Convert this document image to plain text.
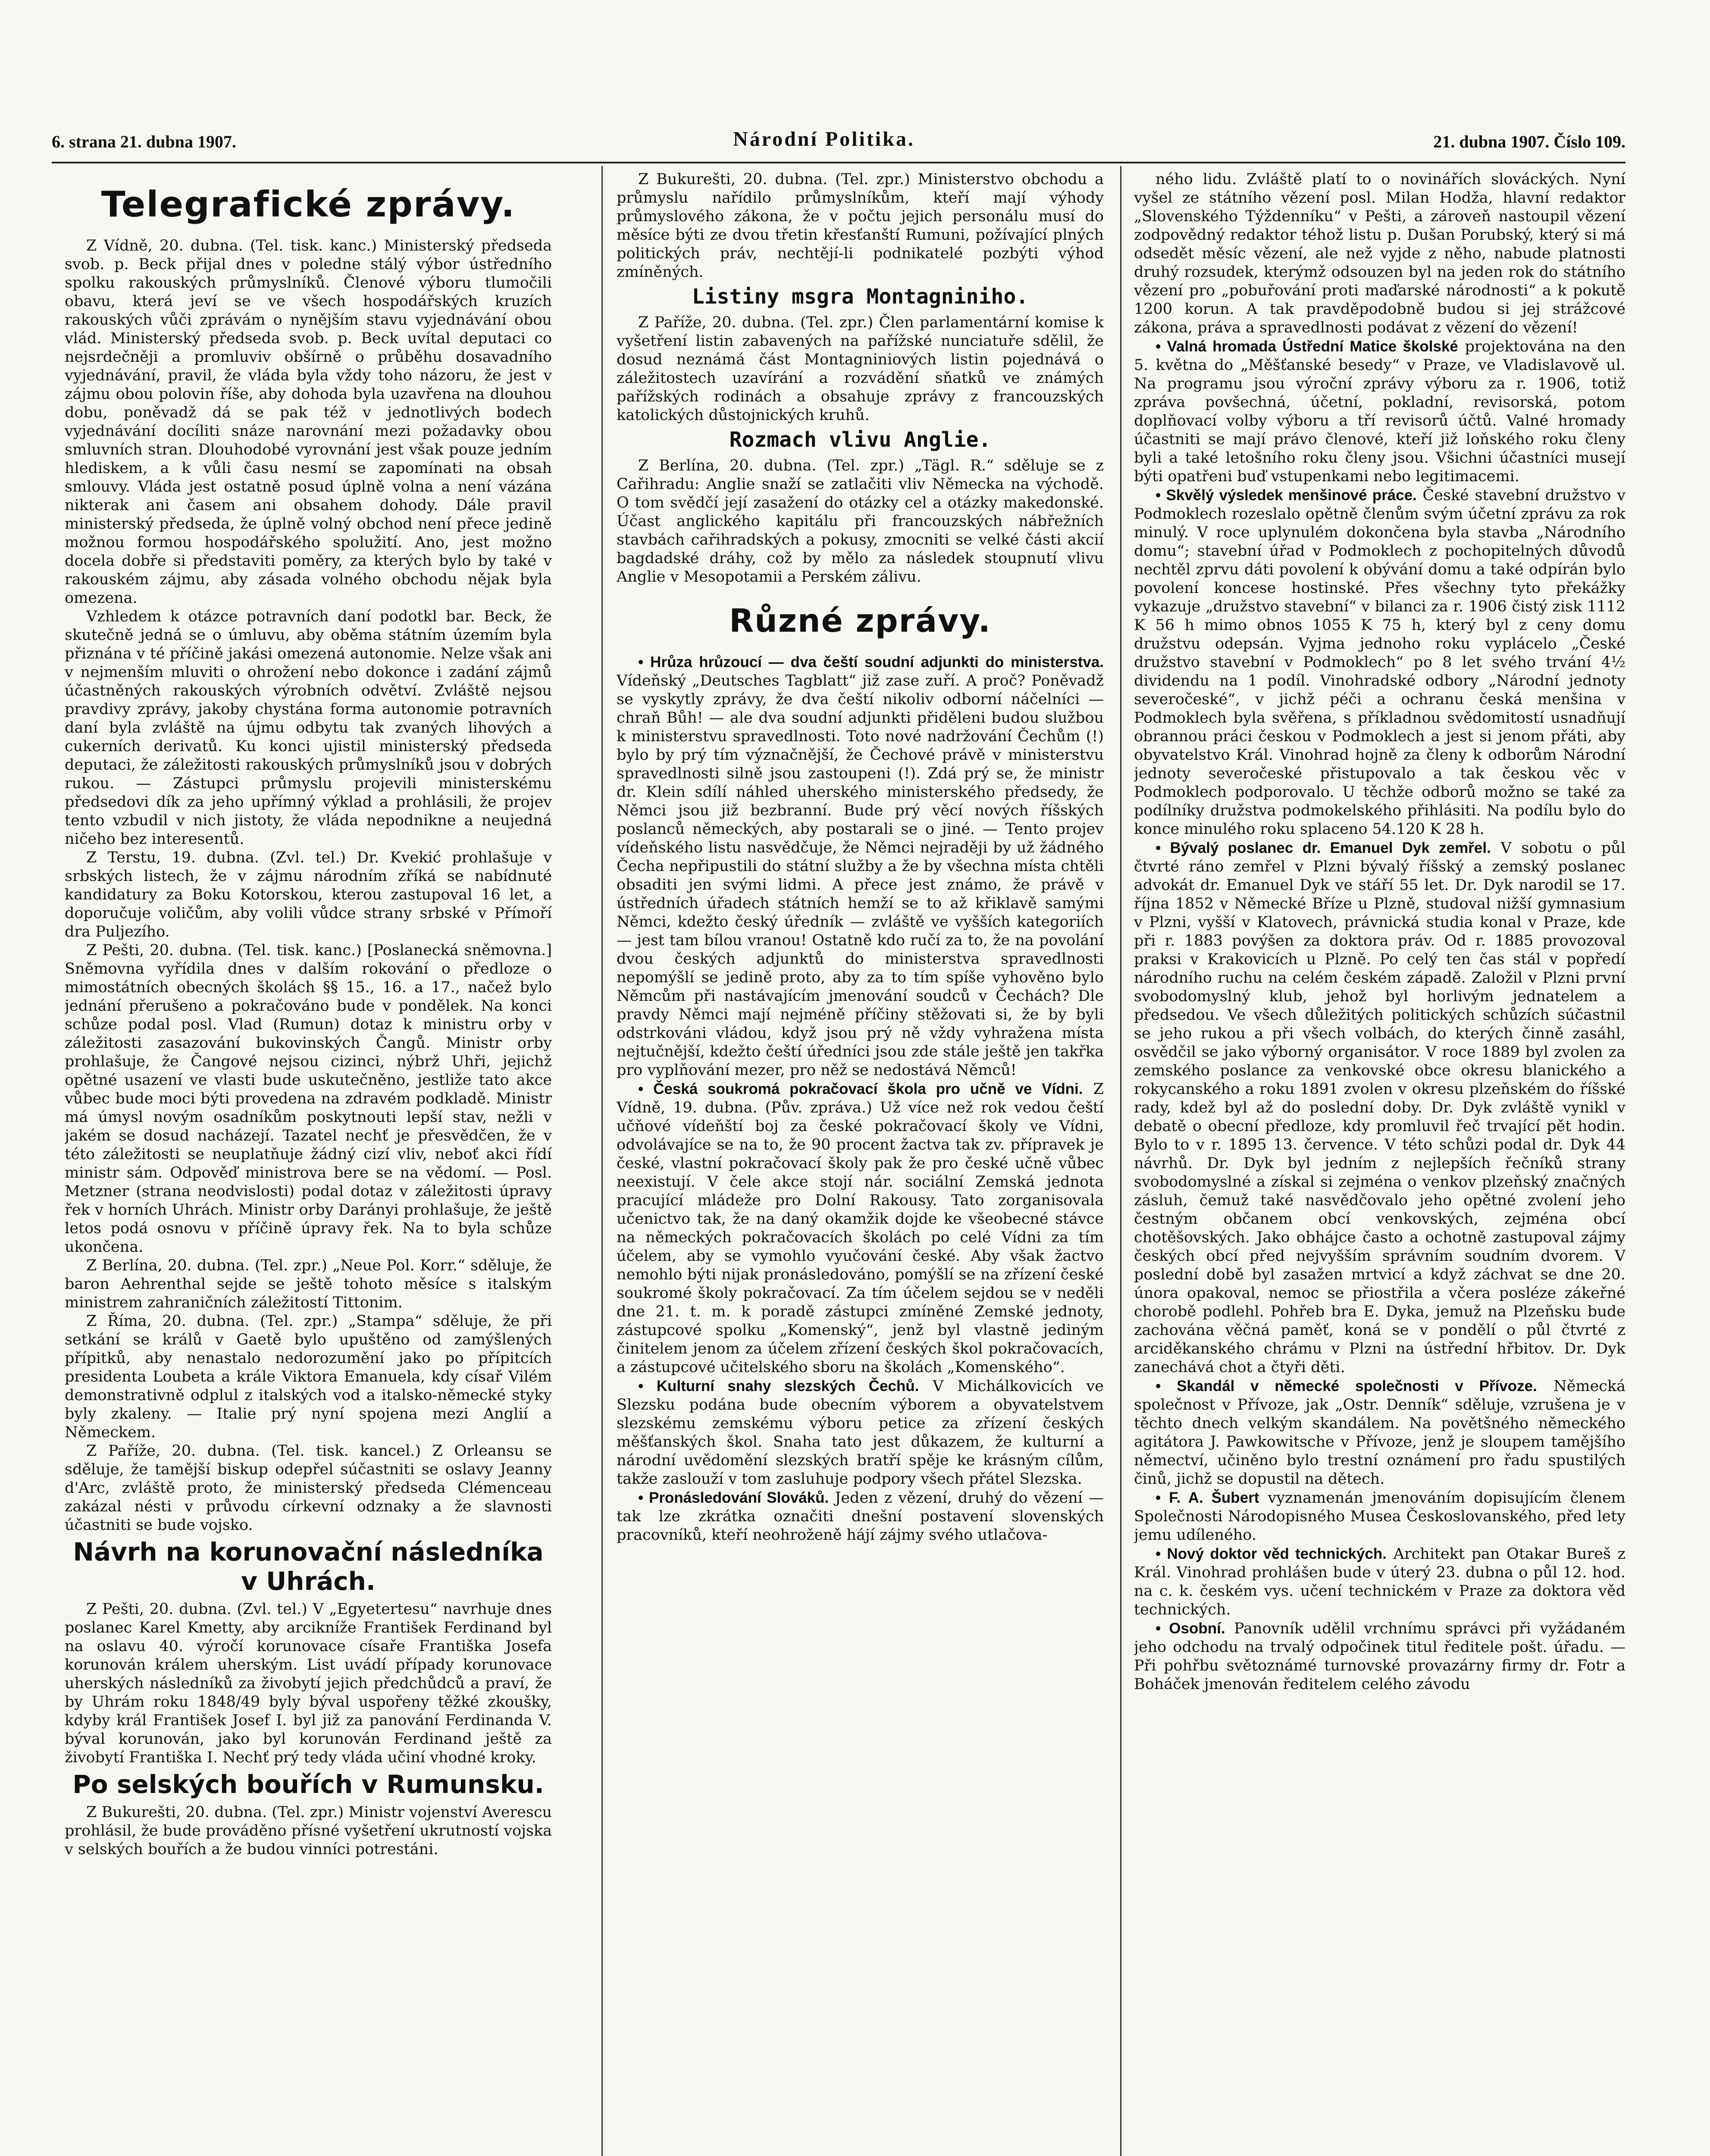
6. strana 21. dubna 1907.	Národní Politika.	21. dubna 1907. Číslo 109.
Telegrafické zprávy.

Z Vídně, 20. dubna. (Tel. tisk. kanc.) Ministerský předseda svob. p. Beck přijal dnes v poledne stálý výbor ústředního spolku rakouských průmyslníků. Členové výboru tlumočili obavu, která jeví se ve všech hospodářských kruzích rakouských vůči zprávám o nynějším stavu vyjednávání obou vlád. Ministerský předseda svob. p. Beck uvítal deputaci co nejsrdečněji a promluviv obšírně o průběhu dosavadního vyjednávání, pravil, že vláda byla vždy toho názoru, že jest v zájmu obou polovin říše, aby dohoda byla uzavřena na dlouhou dobu, poněvadž dá se pak též v jednotlivých bodech vyjednávání docíliti snáze narovnání mezi požadavky obou smluvních stran. Dlouhodobé vyrovnání jest však pouze jedním hlediskem, a k vůli času nesmí se zapomínati na obsah smlouvy. Vláda jest ostatně posud úplně volna a není vázána nikterak ani časem ani obsahem dohody. Dále pravil ministerský předseda, že úplně volný obchod není přece jedině možnou formou hospodářského spolužití. Ano, jest možno docela dobře si představiti poměry, za kterých bylo by také v rakouském zájmu, aby zásada volného obchodu nějak byla omezena.

Vzhledem k otázce potravních daní podotkl bar. Beck, že skutečně jedná se o úmluvu, aby oběma státním územím byla přiznána v té příčině jakási omezená autonomie. Nelze však ani v nejmenším mluviti o ohrožení nebo dokonce i zadání zájmů účastněných rakouských výrobních odvětví. Zvláště nejsou pravdivy zprávy, jakoby chystána forma autonomie potravních daní byla zvláště na újmu odbytu tak zvaných lihových a cukerních derivatů. Ku konci ujistil ministerský předseda deputaci, že záležitosti rakouských průmyslníků jsou v dobrých rukou. — Zástupci průmyslu projevili ministerskému předsedovi dík za jeho upřímný výklad a prohlásili, že projev tento vzbudil v nich jistoty, že vláda nepodnikne a neujedná ničeho bez interesentů.

Z Terstu, 19. dubna. (Zvl. tel.) Dr. Kvekić prohlašuje v srbských listech, že v zájmu národním zříká se nabídnuté kandidatury za Boku Kotorskou, kterou zastupoval 16 let, a doporučuje voličům, aby volili vůdce strany srbské v Přímoří dra Puljezího.

Z Pešti, 20. dubna. (Tel. tisk. kanc.) [Poslanecká sněmovna.] Sněmovna vyřídila dnes v dalším rokování o předloze o mimostátních obecných školách §§ 15., 16. a 17., načež bylo jednání přerušeno a pokračováno bude v pondělek. Na konci schůze podal posl. Vlad (Rumun) dotaz k ministru orby v záležitosti zasazování bukovinských Čangů. Ministr orby prohlašuje, že Čangové nejsou cizinci, nýbrž Uhři, jejichž opětné usazení ve vlasti bude uskutečněno, jestliže tato akce vůbec bude moci býti provedena na zdravém podkladě. Ministr má úmysl novým osadníkům poskytnouti lepší stav, nežli v jakém se dosud nacházejí. Tazatel nechť je přesvědčen, že v této záležitosti se neuplatňuje žádný cizí vliv, neboť akci řídí ministr sám. Odpověď ministrova bere se na vědomí. — Posl. Metzner (strana neodvislosti) podal dotaz v záležitosti úpravy řek v horních Uhrách. Ministr orby Darányi prohlašuje, že ještě letos podá osnovu v příčině úpravy řek. Na to byla schůze ukončena.

Z Berlína, 20. dubna. (Tel. zpr.) „Neue Pol. Korr.“ sděluje, že baron Aehrenthal sejde se ještě tohoto měsíce s italským ministrem zahraničních záležitostí Tittonim.

Z Říma, 20. dubna. (Tel. zpr.) „Stampa“ sděluje, že při setkání se králů v Gaetě bylo upuštěno od zamýšlených přípitků, aby nenastalo nedorozumění jako po přípitcích presidenta Loubeta a krále Viktora Emanuela, kdy císař Vilém demonstrativně odplul z italských vod a italsko-německé styky byly zkaleny. — Italie prý nyní spojena mezi Anglií a Německem.

Z Paříže, 20. dubna. (Tel. tisk. kancel.) Z Orleansu se sděluje, že tamější biskup odepřel súčastniti se oslavy Jeanny d'Arc, zvláště proto, že ministerský předseda Clémenceau zakázal nésti v průvodu církevní odznaky a že slavnosti účastniti se bude vojsko.

Návrh na korunovační následníka v Uhrách.

Z Pešti, 20. dubna. (Zvl. tel.) V „Egyetertesu“ navrhuje dnes poslanec Karel Kmetty, aby arcikníže František Ferdinand byl na oslavu 40. výročí korunovace císaře Františka Josefa korunován králem uherským. List uvádí případy korunovace uherských následníků za živobytí jejich předchůdců a praví, že by Uhrám roku 1848/49 byly býval uspořeny těžké zkoušky, kdyby král František Josef I. byl již za panování Ferdinanda V. býval korunován, jako byl korunován Ferdinand ještě za živobytí Františka I. Nechť prý tedy vláda učiní vhodné kroky.

Po selských bouřích v Rumunsku.

Z Bukurešti, 20. dubna. (Tel. zpr.) Ministr vojenství Averescu prohlásil, že bude prováděno přísné vyšetření ukrutností vojska v selských bouřích a že budou vinníci potrestáni.

Z Bukurešti, 20. dubna. (Tel. zpr.) Ministerstvo obchodu a průmyslu nařídilo průmyslníkům, kteří mají výhody průmyslového zákona, že v počtu jejich personálu musí do měsíce býti ze dvou třetin křesťanští Rumuni, požívající plných politických práv, nechtějí-li podnikatelé pozbýti výhod zmíněných.

Listiny msgra Montagniniho.

Z Paříže, 20. dubna. (Tel. zpr.) Člen parlamentární komise k vyšetření listin zabavených na pařížské nunciatuře sdělil, že dosud neznámá část Montagniniových listin pojednává o záležitostech uzavírání a rozvádění sňatků ve známých pařížských rodinách a obsahuje zprávy z francouzských katolických důstojnických kruhů.

Rozmach vlivu Anglie.

Z Berlína, 20. dubna. (Tel. zpr.) „Tägl. R.“ sděluje se z Cařihradu: Anglie snaží se zatlačiti vliv Německa na východě. O tom svědčí její zasažení do otázky cel a otázky makedonské. Účast anglického kapitálu při francouzských nábřežních stavbách cařihradských a pokusy, zmocniti se velké části akcií bagdadské dráhy, což by mělo za následek stoupnutí vlivu Anglie v Mesopotamii a Perském zálivu.

Různé zprávy.

• Hrůza hrůzoucí — dva čeští soudní adjunkti do ministerstva. Vídeňský „Deutsches Tagblatt“ již zase zuří. A proč? Poněvadž se vyskytly zprávy, že dva čeští nikoliv odborní náčelníci — chraň Bůh! — ale dva soudní adjunkti přiděleni budou službou k ministerstvu spravedlnosti. Toto nové nadržování Čechům (!) bylo by prý tím význačnější, že Čechové právě v ministerstvu spravedlnosti silně jsou zastoupeni (!). Zdá prý se, že ministr dr. Klein sdílí náhled uherského ministerského předsedy, že Němci jsou již bezbranní. Bude prý věcí nových říšských poslanců německých, aby postarali se o jiné. — Tento projev vídeňského listu nasvědčuje, že Němci nejraději by už žádného Čecha nepřipustili do státní služby a že by všechna místa chtěli obsaditi jen svými lidmi. A přece jest známo, že právě v ústředních úřadech státních hemží se to až křiklavě samými Němci, kdežto český úředník — zvláště ve vyšších kategoriích — jest tam bílou vranou! Ostatně kdo ručí za to, že na povolání dvou českých adjunktů do ministerstva spravedlnosti nepomýšlí se jedině proto, aby za to tím spíše vyhověno bylo Němcům při nastávajícím jmenování soudců v Čechách? Dle pravdy Němci mají nejméně příčiny stěžovati si, že by byli odstrkováni vládou, když jsou prý ně vždy vyhražena místa nejtučnější, kdežto čeští úředníci jsou zde stále ještě jen takřka pro vyplňování mezer, pro něž se nedostává Němců!

• Česká soukromá pokračovací škola pro učně ve Vídni. Z Vídně, 19. dubna. (Pův. zpráva.) Už více než rok vedou čeští učňové vídeňští boj za české pokračovací školy ve Vídni, odvolávajíce se na to, že 90 procent žactva tak zv. přípravek je české, vlastní pokračovací školy pak že pro české učně vůbec neexistují. V čele akce stojí nár. sociální Zemská jednota pracující mládeže pro Dolní Rakousy. Tato zorganisovala učenictvo tak, že na daný okamžik dojde ke všeobecné stávce na německých pokračovacích školách po celé Vídni za tím účelem, aby se vymohlo vyučování české. Aby však žactvo nemohlo býti nijak pronásledováno, pomýšlí se na zřízení české soukromé školy pokračovací. Za tím účelem sejdou se v neděli dne 21. t. m. k poradě zástupci zmíněné Zemské jednoty, zástupcové spolku „Komenský“, jenž byl vlastně jediným činitelem jenom za účelem zřízení českých škol pokračovacích, a zástupcové učitelského sboru na školách „Komenského“.

• Kulturní snahy slezských Čechů. V Michálkovicích ve Slezsku podána bude obecním výborem a obyvatelstvem slezskému zemskému výboru petice za zřízení českých měšťanských škol. Snaha tato jest důkazem, že kulturní a národní uvědomění slezských bratří spěje ke krásným cílům, takže zaslouží v tom zasluhuje podpory všech přátel Slezska.

• Pronásledování Slováků. Jeden z vězení, druhý do vězení — tak lze zkrátka označiti dnešní postavení slovenských pracovníků, kteří neohroženě hájí zájmy svého utlačova-

ného lidu. Zvláště platí to o novinářích slováckých. Nyní vyšel ze státního vězení posl. Milan Hodža, hlavní redaktor „Slovenského Týždenníku“ v Pešti, a zároveň nastoupil vězení zodpovědný redaktor téhož listu p. Dušan Porubský, který si má odsedět měsíc vězení, ale než vyjde z něho, nabude platnosti druhý rozsudek, kterýmž odsouzen byl na jeden rok do státního vězení pro „pobuřování proti maďarské národnosti“ a k pokutě 1200 korun. A tak pravděpodobně budou si jej strážcové zákona, práva a spravedlnosti podávat z vězení do vězení!

• Valná hromada Ústřední Matice školské projektována na den 5. května do „Měšťanské besedy“ v Praze, ve Vladislavově ul. Na programu jsou výroční zprávy výboru za r. 1906, totiž zpráva povšechná, účetní, pokladní, revisorská, potom doplňovací volby výboru a tří revisorů účtů. Valné hromady účastniti se mají právo členové, kteří již loňského roku členy byli a také letošního roku členy jsou. Všichni účastníci musejí býti opatřeni buď vstupenkami nebo legitimacemi.

• Skvělý výsledek menšinové práce. České stavební družstvo v Podmoklech rozeslalo opětně členům svým účetní zprávu za rok minulý. V roce uplynulém dokončena byla stavba „Národního domu“; stavební úřad v Podmoklech z pochopitelných důvodů nechtěl zprvu dáti povolení k obývání domu a také odpírán bylo povolení koncese hostinské. Přes všechny tyto překážky vykazuje „družstvo stavební“ v bilanci za r. 1906 čistý zisk 1112 K 56 h mimo obnos 1055 K 75 h, který byl z ceny domu družstvu odepsán. Vyjma jednoho roku vyplácelo „České družstvo stavební v Podmoklech“ po 8 let svého trvání 4½ dividendu na 1 podíl. Vinohradské odbory „Národní jednoty severočeské“, v jichž péči a ochranu česká menšina v Podmoklech byla svěřena, s příkladnou svědomitostí usnadňují obrannou práci českou v Podmoklech a jest si jenom přáti, aby obyvatelstvo Král. Vinohrad hojně za členy k odborům Národní jednoty severočeské přistupovalo a tak českou věc v Podmoklech podporovalo. U těchže odborů možno se také za podílníky družstva podmokelského přihlásiti. Na podílu bylo do konce minulého roku splaceno 54.120 K 28 h.

• Bývalý poslanec dr. Emanuel Dyk zemřel. V sobotu o půl čtvrté ráno zemřel v Plzni bývalý říšský a zemský poslanec advokát dr. Emanuel Dyk ve stáří 55 let. Dr. Dyk narodil se 17. října 1852 v Německé Bříze u Plzně, studoval nižší gymnasium v Plzni, vyšší v Klatovech, právnická studia konal v Praze, kde při r. 1883 povýšen za doktora práv. Od r. 1885 provozoval praksi v Krakovicích u Plzně. Po celý ten čas stál v popředí národního ruchu na celém českém západě. Založil v Plzni první svobodomyslný klub, jehož byl horlivým jednatelem a předsedou. Ve všech důležitých politických schůzích súčastnil se jeho rukou a při všech volbách, do kterých činně zasáhl, osvědčil se jako výborný organisátor. V roce 1889 byl zvolen za zemského poslance za venkovské obce okresu blanického a rokycanského a roku 1891 zvolen v okresu plzeňském do říšské rady, kdež byl až do poslední doby. Dr. Dyk zvláště vynikl v debatě o obecní předloze, kdy promluvil řeč trvající pět hodin. Bylo to v r. 1895 13. července. V této schůzi podal dr. Dyk 44 návrhů. Dr. Dyk byl jedním z nejlepších řečníků strany svobodomyslné a získal si zejména o venkov plzeňský značných zásluh, čemuž také nasvědčovalo jeho opětné zvolení jeho čestným občanem obcí venkovských, zejména obcí chotěšovských. Jako obhájce často a ochotně zastupoval zájmy českých obcí před nejvyšším správním soudním dvorem. V poslední době byl zasažen mrtvicí a když záchvat se dne 20. února opakoval, nemoc se přiostřila a včera posléze zákeřné chorobě podlehl. Pohřeb bra E. Dyka, jemuž na Plzeňsku bude zachována věčná paměť, koná se v pondělí o půl čtvrté z arciděkanského chrámu v Plzni na ústřední hřbitov. Dr. Dyk zanechává chot a čtyři děti.

• Skandál v německé společnosti v Přívoze. Německá společnost v Přívoze, jak „Ostr. Denník“ sděluje, vzrušena je v těchto dnech velkým skandálem. Na povětšného německého agitátora J. Pawkowitsche v Přívoze, jenž je sloupem tamějšího němectví, učiněno bylo trestní oznámení pro řadu spustilých činů, jichž se dopustil na dětech.

• F. A. Šubert vyznamenán jmenováním dopisujícím členem Společnosti Národopisného Musea Českoslovanského, před lety jemu udíleného.

• Nový doktor věd technických. Architekt pan Otakar Bureš z Král. Vinohrad prohlášen bude v úterý 23. dubna o půl 12. hod. na c. k. českém vys. učení technickém v Praze za doktora věd technických.

• Osobní. Panovník udělil vrchnímu správci při vyžádaném jeho odchodu na trvalý odpočinek titul ředitele pošt. úřadu. — Při pohřbu světoznámé turnovské provazárny firmy dr. Fotr a Boháček jmenován ředitelem celého závodu
